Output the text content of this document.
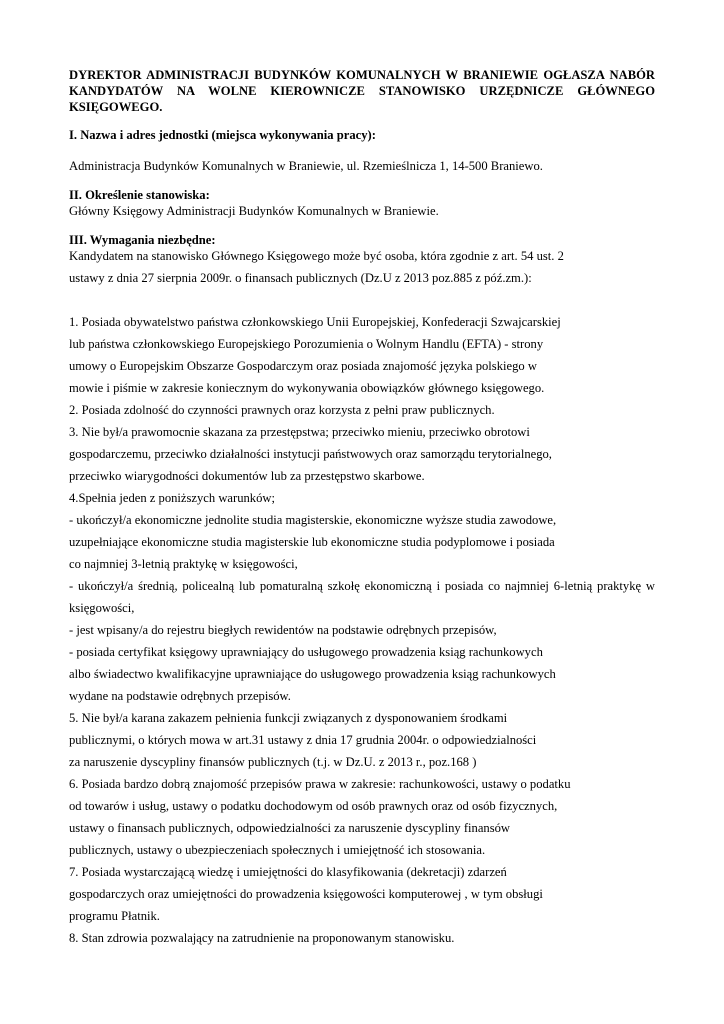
DYREKTOR ADMINISTRACJI BUDYNKÓW KOMUNALNYCH W BRANIEWIE OGŁASZA NABÓR
KANDYDATÓW NA WOLNE KIEROWNICZE STANOWISKO URZĘDNICZE GŁÓWNEGO
KSIĘGOWEGO.
I. Nazwa i adres jednostki (miejsca wykonywania pracy):
Administracja Budynków Komunalnych w Braniewie, ul. Rzemieślnicza 1, 14-500 Braniewo.
II. Określenie stanowiska:
Główny Księgowy Administracji Budynków Komunalnych w Braniewie.
III. Wymagania niezbędne:
Kandydatem na stanowisko Głównego Księgowego może być osoba, która zgodnie z art. 54 ust. 2
ustawy z dnia 27 sierpnia 2009r. o finansach publicznych (Dz.U z 2013 poz.885 z póź.zm.):
1. Posiada obywatelstwo państwa członkowskiego Unii Europejskiej, Konfederacji Szwajcarskiej
lub państwa członkowskiego Europejskiego Porozumienia o Wolnym Handlu (EFTA) - strony
umowy o Europejskim Obszarze Gospodarczym oraz posiada znajomość języka polskiego w
mowie i piśmie w zakresie koniecznym do wykonywania obowiązków głównego księgowego.
2. Posiada zdolność do czynności prawnych oraz korzysta z pełni praw publicznych.
3. Nie był/a prawomocnie skazana za przestępstwa; przeciwko mieniu, przeciwko obrotowi
gospodarczemu, przeciwko działalności instytucji państwowych oraz samorządu terytorialnego,
przeciwko wiarygodności dokumentów lub za przestępstwo skarbowe.
4.Spełnia jeden z poniższych warunków;
- ukończył/a ekonomiczne jednolite studia magisterskie, ekonomiczne wyższe studia zawodowe,
uzupełniające ekonomiczne studia magisterskie lub ekonomiczne studia podyplomowe i posiada
co najmniej 3-letnią praktykę w księgowości,
- ukończył/a średnią, policealną lub pomaturalną szkołę ekonomiczną i posiada co najmniej 6-letnią praktykę w
księgowości,
- jest wpisany/a do rejestru biegłych rewidentów na podstawie odrębnych przepisów,
- posiada certyfikat księgowy uprawniający do usługowego prowadzenia ksiąg rachunkowych
albo świadectwo kwalifikacyjne uprawniające do usługowego prowadzenia ksiąg rachunkowych
wydane na podstawie odrębnych przepisów.
5. Nie był/a karana zakazem pełnienia funkcji związanych z dysponowaniem środkami
publicznymi, o których mowa w art.31 ustawy z dnia 17 grudnia 2004r. o odpowiedzialności
za naruszenie dyscypliny finansów publicznych (t.j. w Dz.U. z 2013 r., poz.168 )
6. Posiada bardzo dobrą znajomość przepisów prawa w zakresie: rachunkowości, ustawy o podatku
od towarów i usług, ustawy o podatku dochodowym od osób prawnych oraz od osób fizycznych,
ustawy o finansach publicznych, odpowiedzialności za naruszenie dyscypliny finansów
publicznych, ustawy o ubezpieczeniach społecznych i umiejętność ich stosowania.
7. Posiada wystarczającą wiedzę i umiejętności do klasyfikowania (dekretacji) zdarzeń
gospodarczych oraz umiejętności do prowadzenia księgowości komputerowej , w tym obsługi
programu Płatnik.
8. Stan zdrowia pozwalający na zatrudnienie na proponowanym stanowisku.
